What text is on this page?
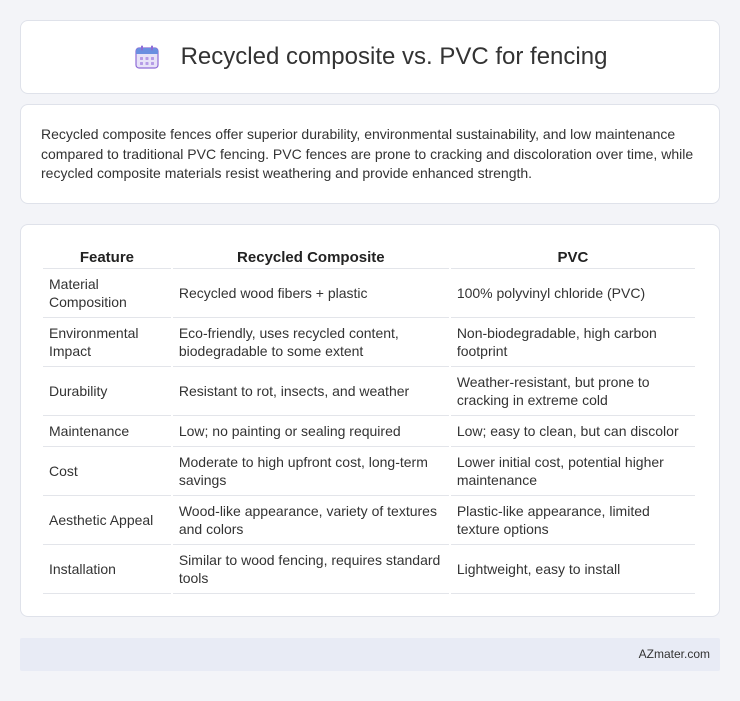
Recycled composite vs. PVC for fencing

Recycled composite fences offer superior durability, environmental sustainability, and low maintenance compared to traditional PVC fencing. PVC fences are prone to cracking and discoloration over time, while recycled composite materials resist weathering and provide enhanced strength.

Feature	Recycled Composite	PVC
Material Composition	Recycled wood fibers + plastic	100% polyvinyl chloride (PVC)
Environmental Impact	Eco-friendly, uses recycled content, biodegradable to some extent	Non-biodegradable, high carbon footprint
Durability	Resistant to rot, insects, and weather	Weather-resistant, but prone to cracking in extreme cold
Maintenance	Low; no painting or sealing required	Low; easy to clean, but can discolor
Cost	Moderate to high upfront cost, long-term savings	Lower initial cost, potential higher maintenance
Aesthetic Appeal	Wood-like appearance, variety of textures and colors	Plastic-like appearance, limited texture options
Installation	Similar to wood fencing, requires standard tools	Lightweight, easy to install
AZmater.com
